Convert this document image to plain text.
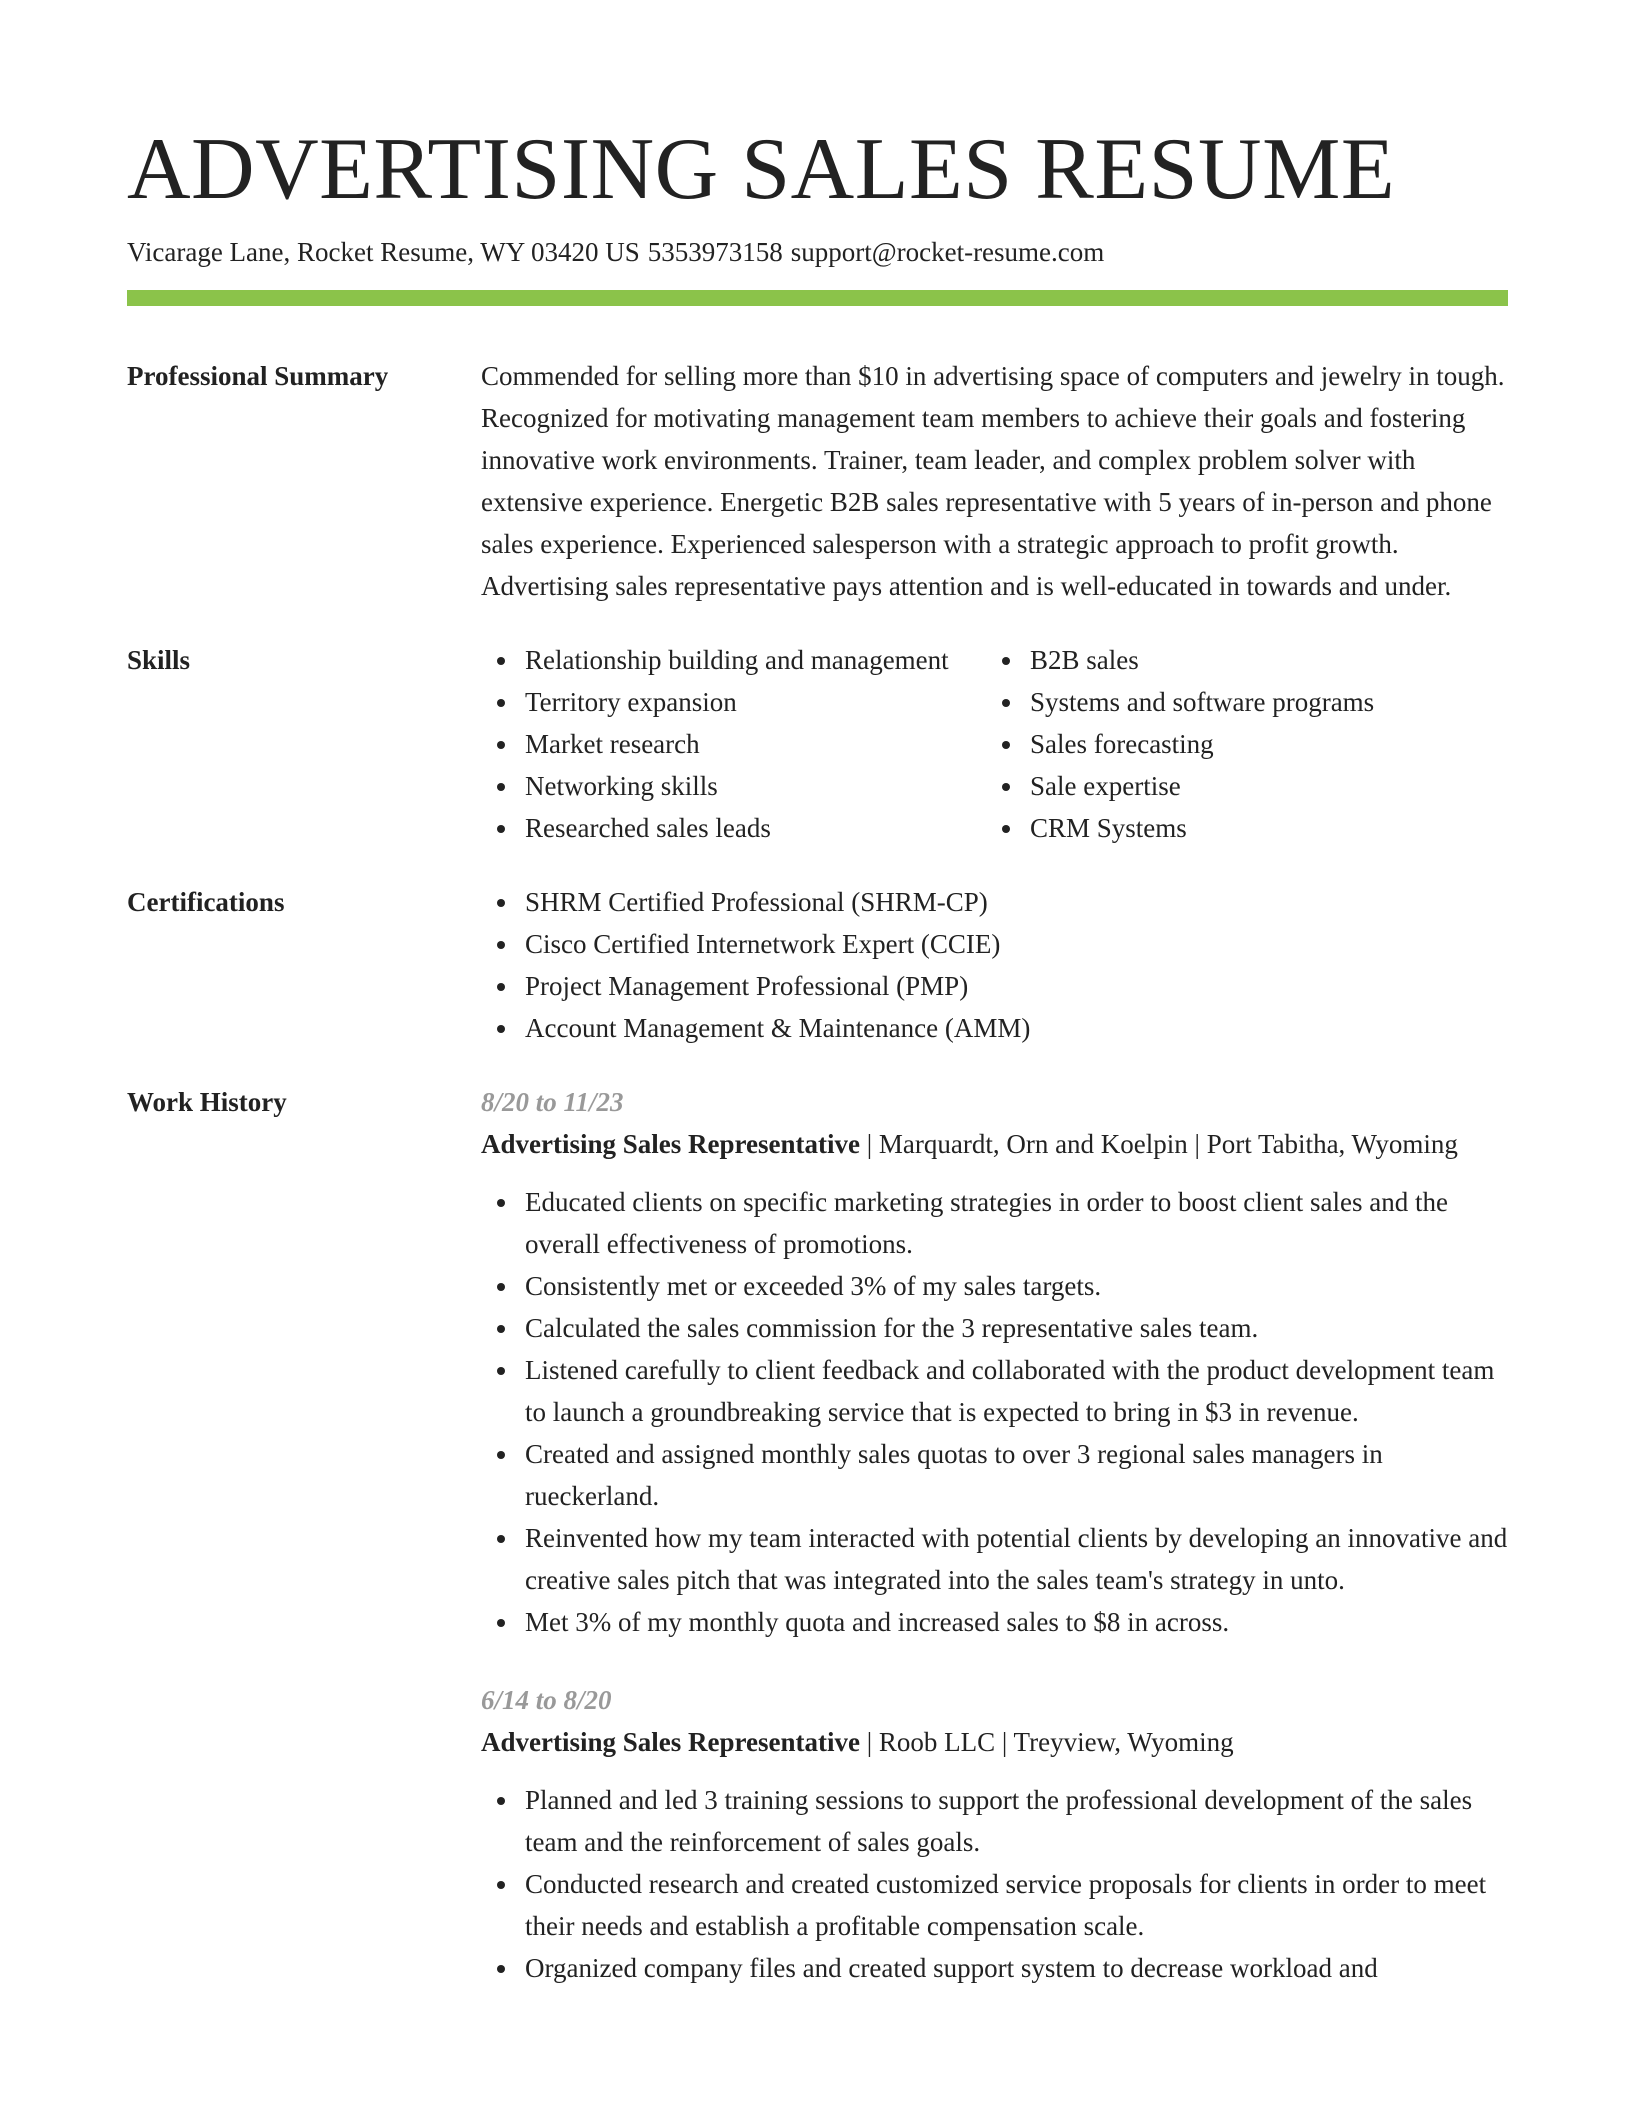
ADVERTISING SALES RESUME
Vicarage Lane, Rocket Resume, WY 03420 US 5353973158 support@rocket-resume.com
Professional Summary	Commended for selling more than $10 in advertising space of computers and jewelry in tough. Recognized for motivating management team members to achieve their goals and fostering innovative work environments. Trainer, team leader, and complex problem solver with extensive experience. Energetic B2B sales representative with 5 years of in-person and phone sales experience. Experienced salesperson with a strategic approach to profit growth. Advertising sales representative pays attention and is well-educated in towards and under.
Skills	Relationship building and management
Territory expansion
Market research
Networking skills
Researched sales leads
B2B sales
Systems and software programs
Sales forecasting
Sale expertise
CRM Systems
Certifications	SHRM Certified Professional (SHRM-CP)
Cisco Certified Internetwork Expert (CCIE)
Project Management Professional (PMP)
Account Management & Maintenance (AMM)
Work History	8/20 to 11/23
Advertising Sales Representative | Marquardt, Orn and Koelpin | Port Tabitha, Wyoming
Educated clients on specific marketing strategies in order to boost client sales and the overall effectiveness of promotions.
Consistently met or exceeded 3% of my sales targets.
Calculated the sales commission for the 3 representative sales team.
Listened carefully to client feedback and collaborated with the product development team to launch a groundbreaking service that is expected to bring in $3 in revenue.
Created and assigned monthly sales quotas to over 3 regional sales managers in rueckerland.
Reinvented how my team interacted with potential clients by developing an innovative and creative sales pitch that was integrated into the sales team's strategy in unto.
Met 3% of my monthly quota and increased sales to $8 in across.
6/14 to 8/20
Advertising Sales Representative | Roob LLC | Treyview, Wyoming
Planned and led 3 training sessions to support the professional development of the sales team and the reinforcement of sales goals.
Conducted research and created customized service proposals for clients in order to meet their needs and establish a profitable compensation scale.
Organized company files and created support system to decrease workload and
